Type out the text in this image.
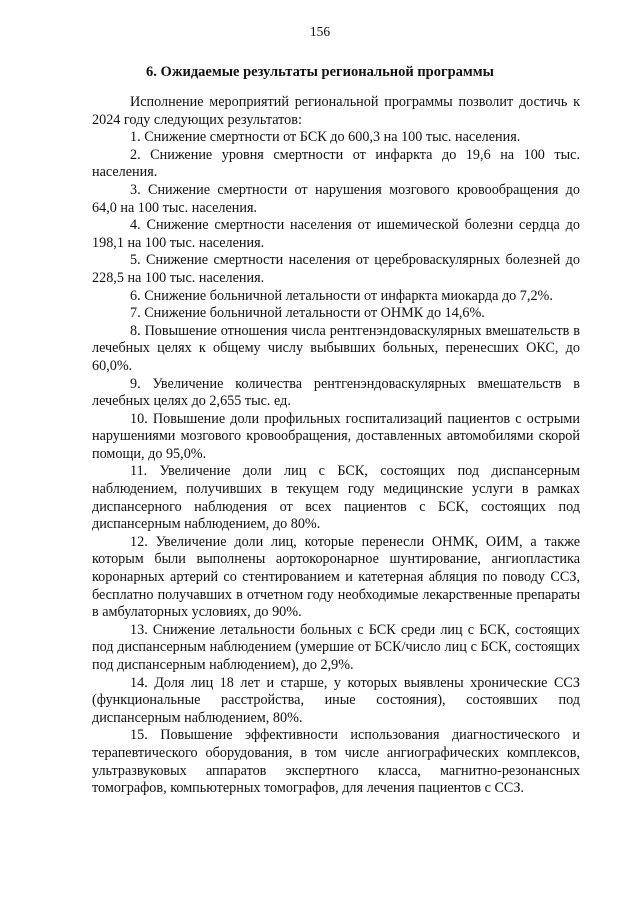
156
6. Ожидаемые результаты региональной программы

Исполнение мероприятий региональной программы позволит достичь к 2024 году следующих результатов:

1. Снижение смертности от БСК до 600,3 на 100 тыс. населения.

2. Снижение уровня смертности от инфаркта до 19,6 на 100 тыс. населения.

3. Снижение смертности от нарушения мозгового кровообращения до 64,0 на 100 тыс. населения.

4. Снижение смертности населения от ишемической болезни сердца до 198,1 на 100 тыс. населения.

5. Снижение смертности населения от цереброваскулярных болезней до 228,5 на 100 тыс. населения.

6. Снижение больничной летальности от инфаркта миокарда до 7,2%.

7. Снижение больничной летальности от ОНМК до 14,6%.

8. Повышение отношения числа рентгенэндоваскулярных вмешательств в лечебных целях к общему числу выбывших больных, перенесших ОКС, до 60,0%.

9. Увеличение количества рентгенэндоваскулярных вмешательств в лечебных целях до 2,655 тыс. ед.

10. Повышение доли профильных госпитализаций пациентов с острыми нарушениями мозгового кровообращения, доставленных автомобилями скорой помощи, до 95,0%.

11. Увеличение доли лиц с БСК, состоящих под диспансерным наблюдением, получивших в текущем году медицинские услуги в рамках диспансерного наблюдения от всех пациентов с БСК, состоящих под диспансерным наблюдением, до 80%.

12. Увеличение доли лиц, которые перенесли ОНМК, ОИМ, а также которым были выполнены аортокоронарное шунтирование, ангиопластика коронарных артерий со стентированием и катетерная абляция по поводу ССЗ, бесплатно получавших в отчетном году необходимые лекарственные препараты в амбулаторных условиях, до 90%.

13. Снижение летальности больных с БСК среди лиц с БСК, состоящих под диспансерным наблюдением (умершие от БСК/число лиц с БСК, состоящих под диспансерным наблюдением), до 2,9%.

14. Доля лиц 18 лет и старше, у которых выявлены хронические ССЗ (функциональные расстройства, иные состояния), состоявших под диспансерным наблюдением, 80%.

15. Повышение эффективности использования диагностического и терапевтического оборудования, в том числе ангиографических комплексов, ультразвуковых аппаратов экспертного класса, магнитно-резонансных томографов, компьютерных томографов, для лечения пациентов с ССЗ.
